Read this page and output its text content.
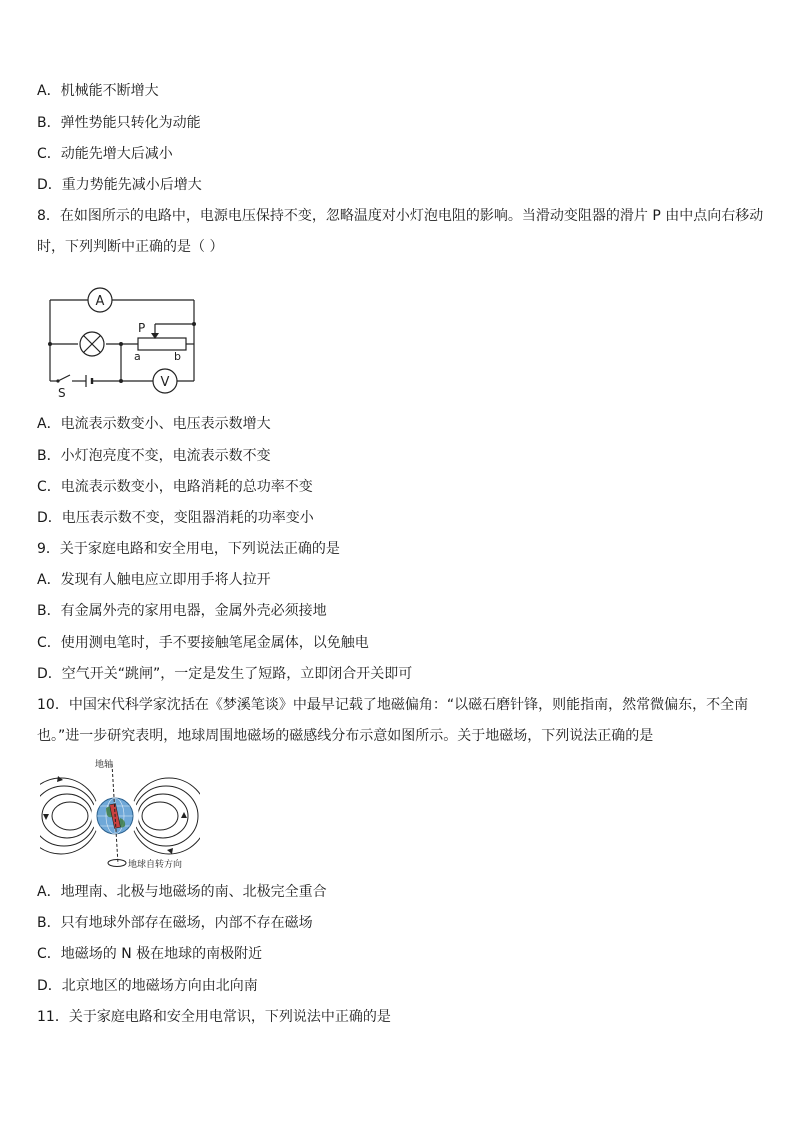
A．机械能不断增大
B．弹性势能只转化为动能
C．动能先增大后减小
D．重力势能先减小后增大
8．在如图所示的电路中，电源电压保持不变，忽略温度对小灯泡电阻的影响。当滑动变阻器的滑片 P 由中点向右移动
时，下列判断中正确的是（ ）
A
V
P
a	b
S
A．电流表示数变小、电压表示数增大
B．小灯泡亮度不变，电流表示数不变
C．电流表示数变小，电路消耗的总功率不变
D．电压表示数不变，变阻器消耗的功率变小
9．关于家庭电路和安全用电，下列说法正确的是
A．发现有人触电应立即用手将人拉开
B．有金属外壳的家用电器，金属外壳必须接地
C．使用测电笔时，手不要接触笔尾金属体，以免触电
D．空气开关“跳闸”，一定是发生了短路，立即闭合开关即可
10．中国宋代科学家沈括在《梦溪笔谈》中最早记载了地磁偏角：“以磁石磨针锋，则能指南，然常微偏东，不全南
也。”进一步研究表明，地球周围地磁场的磁感线分布示意如图所示。关于地磁场，下列说法正确的是
地轴
地球自转方向
A．地理南、北极与地磁场的南、北极完全重合
B．只有地球外部存在磁场，内部不存在磁场
C．地磁场的 N 极在地球的南极附近
D．北京地区的地磁场方向由北向南
11．关于家庭电路和安全用电常识，下列说法中正确的是
